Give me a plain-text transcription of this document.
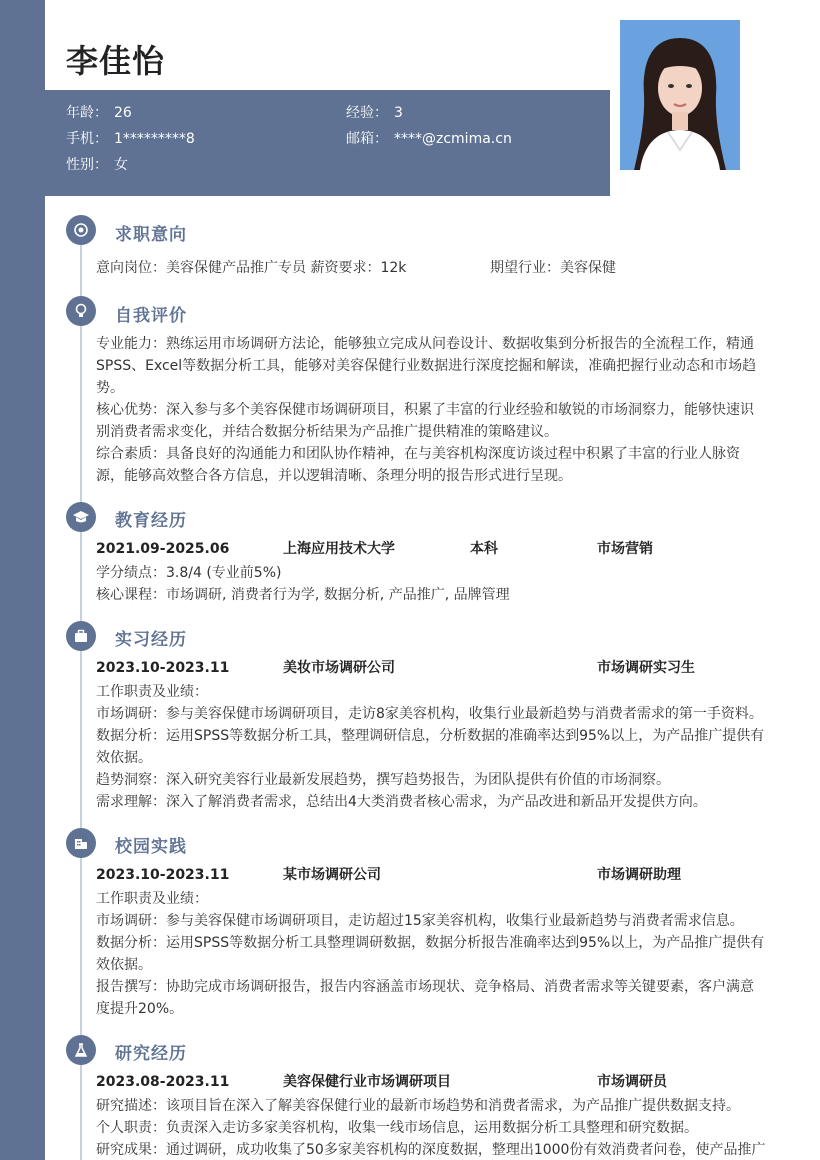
李佳怡
年龄： 26	经验： 3
手机： 1*********8	邮箱： ****@zcmima.cn
性别： 女
求职意向
意向岗位：美容保健产品推广专员 薪资要求：12k	期望行业：美容保健
自我评价
专业能力：熟练运用市场调研方法论，能够独立完成从问卷设计、数据收集到分析报告的全流程工作，精通SPSS、Excel等数据分析工具，能够对美容保健行业数据进行深度挖掘和解读，准确把握行业动态和市场趋势。
核心优势：深入参与多个美容保健市场调研项目，积累了丰富的行业经验和敏锐的市场洞察力，能够快速识别消费者需求变化，并结合数据分析结果为产品推广提供精准的策略建议。
综合素质：具备良好的沟通能力和团队协作精神，在与美容机构深度访谈过程中积累了丰富的行业人脉资源，能够高效整合各方信息，并以逻辑清晰、条理分明的报告形式进行呈现。
教育经历
2021.09-2025.06	上海应用技术大学	本科	市场营销
学分绩点：3.8/4 (专业前5%)
核心课程：市场调研, 消费者行为学, 数据分析, 产品推广, 品牌管理
实习经历
2023.10-2023.11	美妆市场调研公司	市场调研实习生
工作职责及业绩：
市场调研：参与美容保健市场调研项目，走访8家美容机构，收集行业最新趋势与消费者需求的第一手资料。
数据分析：运用SPSS等数据分析工具，整理调研信息，分析数据的准确率达到95%以上，为产品推广提供有效依据。
趋势洞察：深入研究美容行业最新发展趋势，撰写趋势报告，为团队提供有价值的市场洞察。
需求理解：深入了解消费者需求，总结出4大类消费者核心需求，为产品改进和新品开发提供方向。
校园实践
2023.10-2023.11	某市场调研公司	市场调研助理
工作职责及业绩：
市场调研：参与美容保健市场调研项目，走访超过15家美容机构，收集行业最新趋势与消费者需求信息。
数据分析：运用SPSS等数据分析工具整理调研数据，数据分析报告准确率达到95%以上，为产品推广提供有效依据。
报告撰写：协助完成市场调研报告，报告内容涵盖市场现状、竞争格局、消费者需求等关键要素，客户满意度提升20%。
研究经历
2023.08-2023.11	美容保健行业市场调研项目	市场调研员
研究描述：该项目旨在深入了解美容保健行业的最新市场趋势和消费者需求，为产品推广提供数据支持。
个人职责：负责深入走访多家美容机构，收集一线市场信息，运用数据分析工具整理和研究数据。
研究成果：通过调研，成功收集了50多家美容机构的深度数据，整理出1000份有效消费者问卷，使产品推广
